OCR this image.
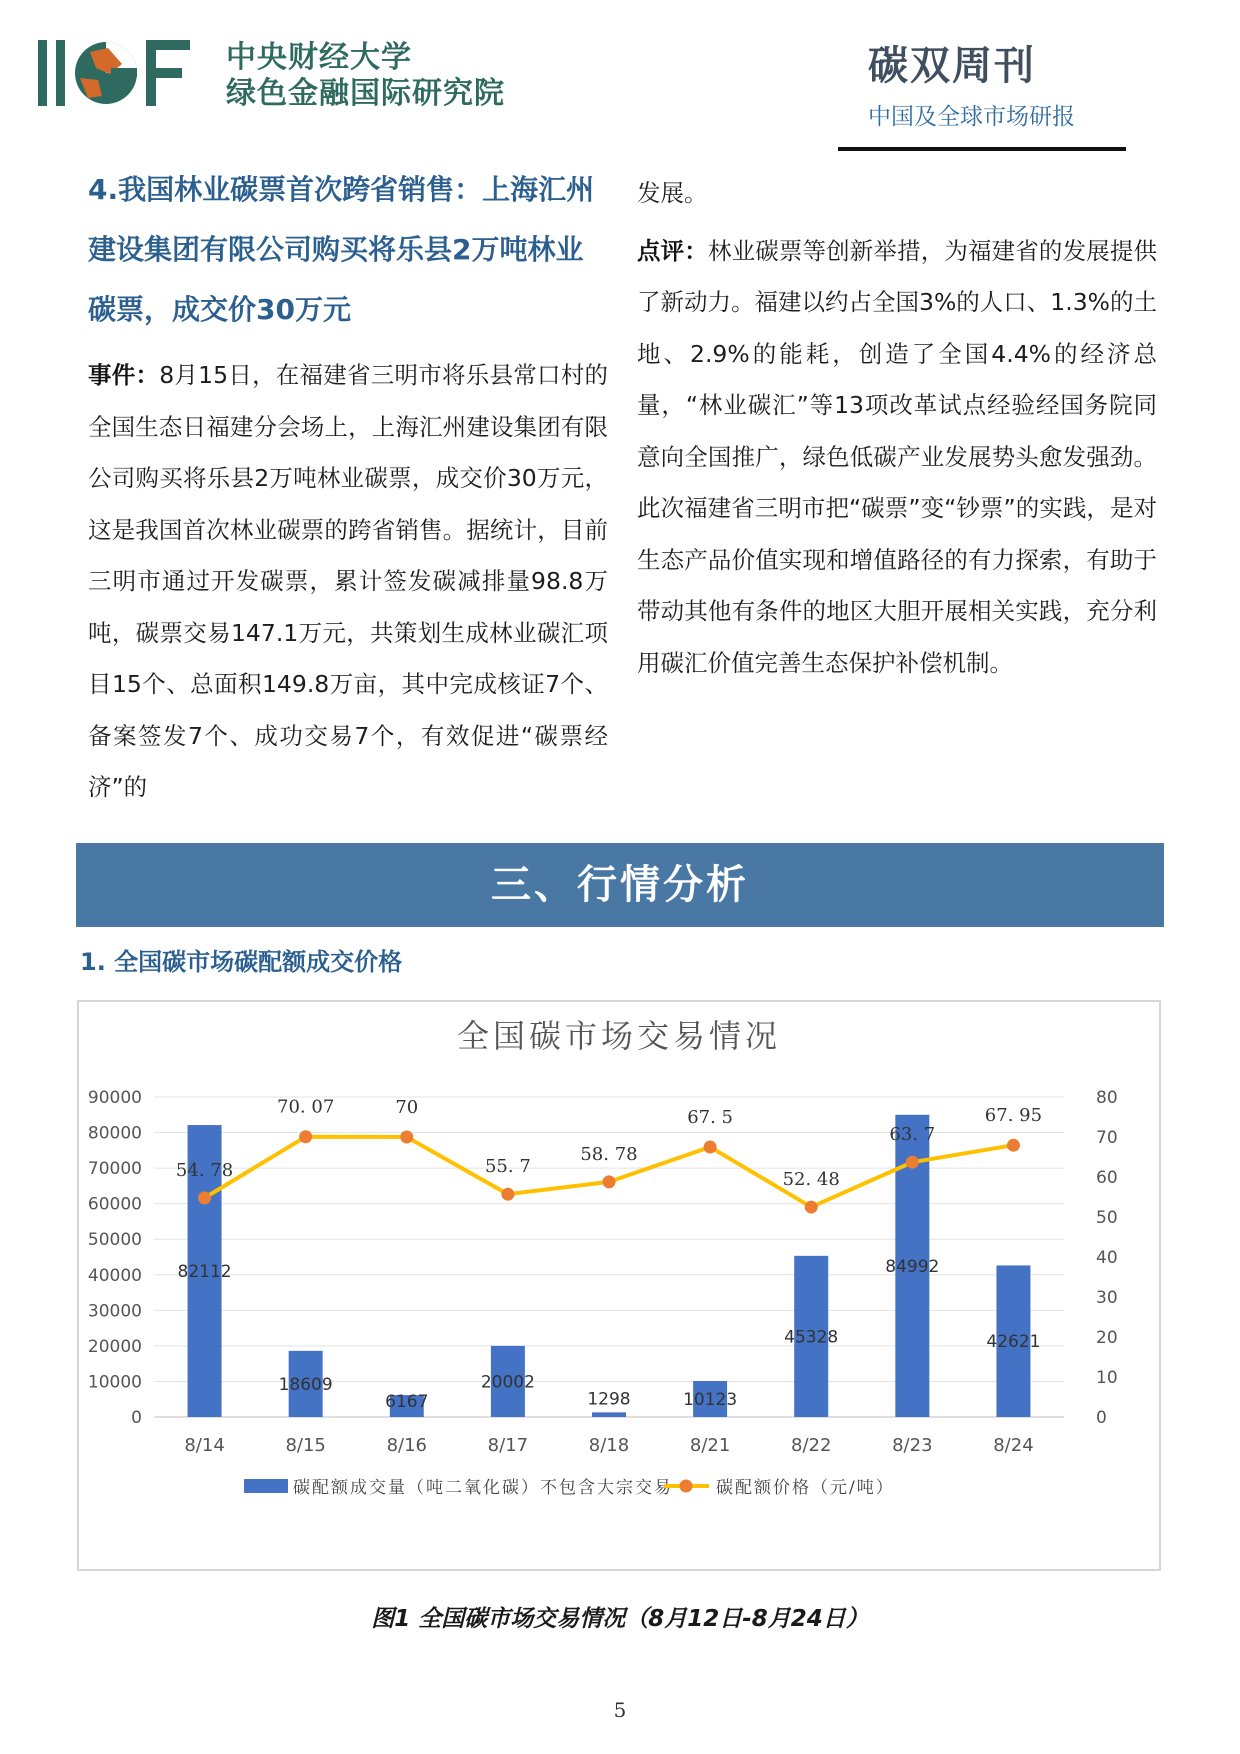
中央财经大学
绿色金融国际研究院
碳双周刊
中国及全球市场研报
4.我国林业碳票首次跨省销售：上海汇州建设集团有限公司购买将乐县2万吨林业碳票，成交价30万元

事件：8月15日，在福建省三明市将乐县常口村的全国生态日福建分会场上，上海汇州建设集团有限公司购买将乐县2万吨林业碳票，成交价30万元，这是我国首次林业碳票的跨省销售。据统计，目前三明市通过开发碳票，累计签发碳减排量98.8万吨，碳票交易147.1万元，共策划生成林业碳汇项目15个、总面积149.8万亩，其中完成核证7个、备案签发7个、成功交易7个，有效促进“碳票经济”的

发展。

点评：林业碳票等创新举措，为福建省的发展提供了新动力。福建以约占全国3%的人口、1.3%的土地、2.9%的能耗，创造了全国4.4%的经济总量，“林业碳汇”等13项改革试点经验经国务院同意向全国推广，绿色低碳产业发展势头愈发强劲。此次福建省三明市把“碳票”变“钞票”的实践，是对生态产品价值实现和增值路径的有力探索，有助于带动其他有条件的地区大胆开展相关实践，充分利用碳汇价值完善生态保护补偿机制。

三、行情分析
1. 全国碳市场碳配额成交价格
全国碳市场交易情况
0
10000
20000
30000
40000
50000
60000
70000
80000
90000
0
10
20
30
40
50
60
70
80
8/14	8/15	8/16	8/17	8/18	8/21	8/22	8/23	8/24
82112
18609
6167
20002
1298	10123
45328
84992
42621
54. 78
70. 07	70
55. 7
58. 78
67. 5
52. 48
63. 7
67. 95
碳配额成交量（吨二氧化碳）不包含大宗交易	碳配额价格（元/吨）
图1 全国碳市场交易情况（8月12日-8月24日）
5
